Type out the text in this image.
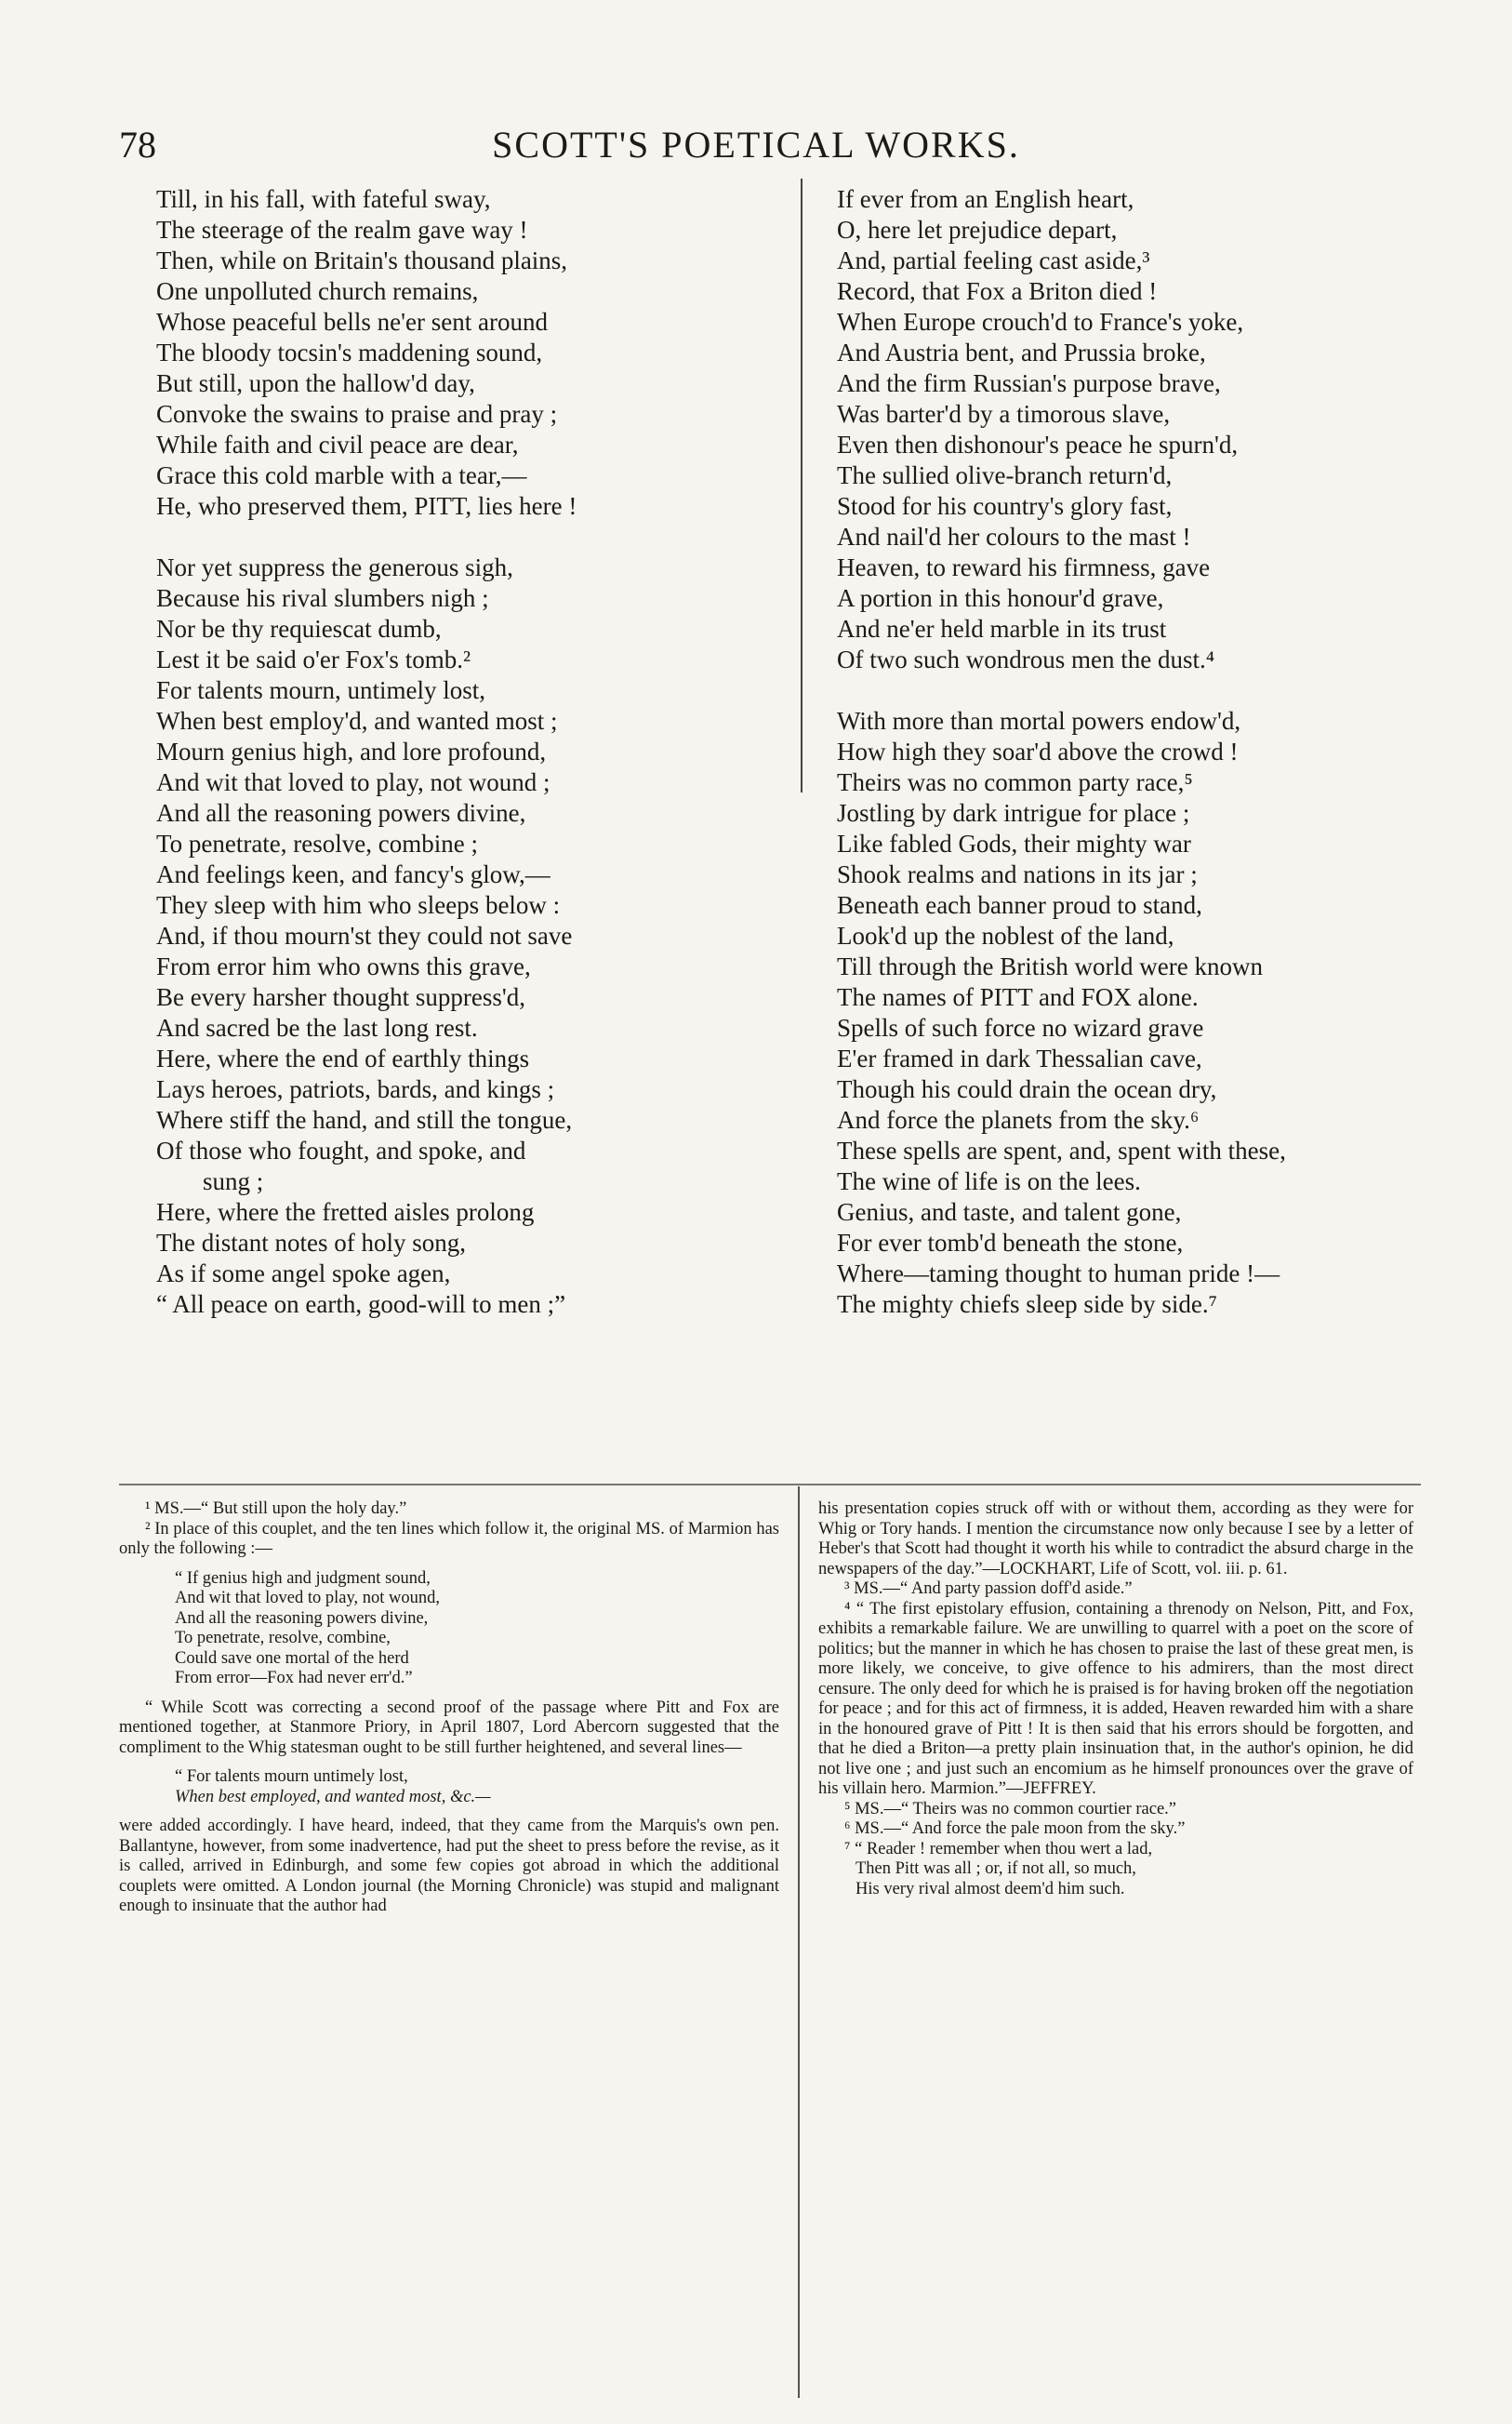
78	SCOTT'S POETICAL WORKS.
Till, in his fall, with fateful sway,
The steerage of the realm gave way !
Then, while on Britain's thousand plains,
One unpolluted church remains,
Whose peaceful bells ne'er sent around
The bloody tocsin's maddening sound,
But still, upon the hallow'd day,
Convoke the swains to praise and pray ;
While faith and civil peace are dear,
Grace this cold marble with a tear,—
He, who preserved them, PITT, lies here !
Nor yet suppress the generous sigh,
Because his rival slumbers nigh ;
Nor be thy requiescat dumb,
Lest it be said o'er Fox's tomb.²
For talents mourn, untimely lost,
When best employ'd, and wanted most ;
Mourn genius high, and lore profound,
And wit that loved to play, not wound ;
And all the reasoning powers divine,
To penetrate, resolve, combine ;
And feelings keen, and fancy's glow,—
They sleep with him who sleeps below :
And, if thou mourn'st they could not save
From error him who owns this grave,
Be every harsher thought suppress'd,
And sacred be the last long rest.
Here, where the end of earthly things
Lays heroes, patriots, bards, and kings ;
Where stiff the hand, and still the tongue,
Of those who fought, and spoke, and
sung ;
Here, where the fretted aisles prolong
The distant notes of holy song,
As if some angel spoke agen,
“ All peace on earth, good-will to men ;”
If ever from an English heart,
O, here let prejudice depart,
And, partial feeling cast aside,³
Record, that Fox a Briton died !
When Europe crouch'd to France's yoke,
And Austria bent, and Prussia broke,
And the firm Russian's purpose brave,
Was barter'd by a timorous slave,
Even then dishonour's peace he spurn'd,
The sullied olive-branch return'd,
Stood for his country's glory fast,
And nail'd her colours to the mast !
Heaven, to reward his firmness, gave
A portion in this honour'd grave,
And ne'er held marble in its trust
Of two such wondrous men the dust.⁴
With more than mortal powers endow'd,
How high they soar'd above the crowd !
Theirs was no common party race,⁵
Jostling by dark intrigue for place ;
Like fabled Gods, their mighty war
Shook realms and nations in its jar ;
Beneath each banner proud to stand,
Look'd up the noblest of the land,
Till through the British world were known
The names of PITT and FOX alone.
Spells of such force no wizard grave
E'er framed in dark Thessalian cave,
Though his could drain the ocean dry,
And force the planets from the sky.⁶
These spells are spent, and, spent with these,
The wine of life is on the lees.
Genius, and taste, and talent gone,
For ever tomb'd beneath the stone,
Where—taming thought to human pride !—
The mighty chiefs sleep side by side.⁷

¹ MS.—“ But still upon the holy day.”

² In place of this couplet, and the ten lines which follow it, the original MS. of Marmion has only the following :—

“ If genius high and judgment sound,
And wit that loved to play, not wound,
And all the reasoning powers divine,
To penetrate, resolve, combine,
Could save one mortal of the herd
From error—Fox had never err'd.”

“ While Scott was correcting a second proof of the passage where Pitt and Fox are mentioned together, at Stanmore Priory, in April 1807, Lord Abercorn suggested that the compliment to the Whig statesman ought to be still further heightened, and several lines—

“ For talents mourn untimely lost,
When best employed, and wanted most, &c.—

were added accordingly. I have heard, indeed, that they came from the Marquis's own pen. Ballantyne, however, from some inadvertence, had put the sheet to press before the revise, as it is called, arrived in Edinburgh, and some few copies got abroad in which the additional couplets were omitted. A London journal (the Morning Chronicle) was stupid and malignant enough to insinuate that the author had

his presentation copies struck off with or without them, according as they were for Whig or Tory hands. I mention the circumstance now only because I see by a letter of Heber's that Scott had thought it worth his while to contradict the absurd charge in the newspapers of the day.”—LOCKHART, Life of Scott, vol. iii. p. 61.

³ MS.—“ And party passion doff'd aside.”

⁴ “ The first epistolary effusion, containing a threnody on Nelson, Pitt, and Fox, exhibits a remarkable failure. We are unwilling to quarrel with a poet on the score of politics; but the manner in which he has chosen to praise the last of these great men, is more likely, we conceive, to give offence to his admirers, than the most direct censure. The only deed for which he is praised is for having broken off the negotiation for peace ; and for this act of firmness, it is added, Heaven rewarded him with a share in the honoured grave of Pitt ! It is then said that his errors should be forgotten, and that he died a Briton—a pretty plain insinuation that, in the author's opinion, he did not live one ; and just such an encomium as he himself pronounces over the grave of his villain hero. Marmion.”—JEFFREY.

⁵ MS.—“ Theirs was no common courtier race.”

⁶ MS.—“ And force the pale moon from the sky.”

⁷ “ Reader ! remember when thou wert a lad,

Then Pitt was all ; or, if not all, so much,

His very rival almost deem'd him such.
